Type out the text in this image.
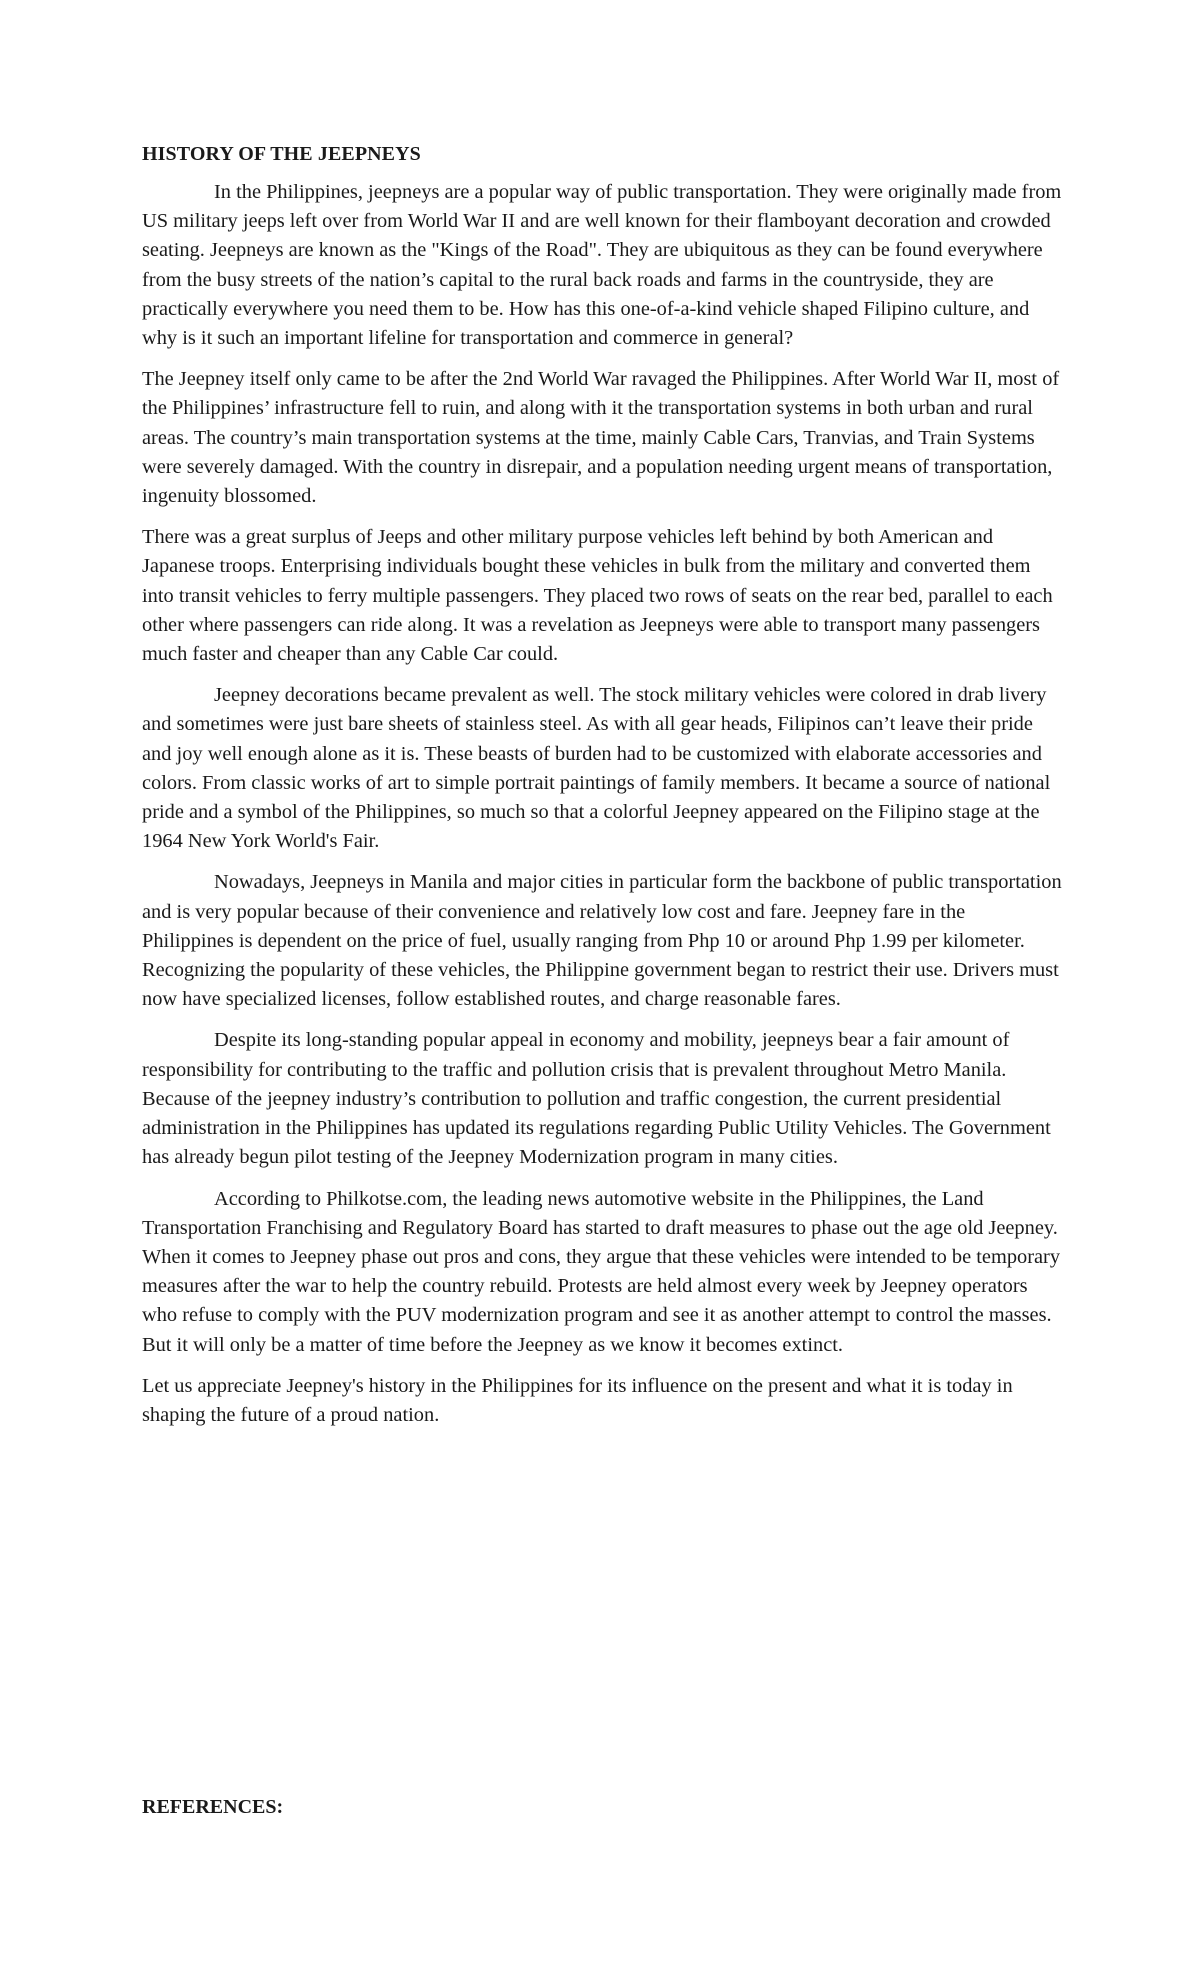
HISTORY OF THE JEEPNEYS

In the Philippines, jeepneys are a popular way of public transportation. They were originally made from US military jeeps left over from World War II and are well known for their flamboyant decoration and crowded seating. Jeepneys are known as the "Kings of the Road". They are ubiquitous as they can be found everywhere from the busy streets of the nation’s capital to the rural back roads and farms in the countryside, they are practically everywhere you need them to be. How has this one-of-a-kind vehicle shaped Filipino culture, and why is it such an important lifeline for transportation and commerce in general?

The Jeepney itself only came to be after the 2nd World War ravaged the Philippines. After World War II, most of the Philippines’ infrastructure fell to ruin, and along with it the transportation systems in both urban and rural areas. The country’s main transportation systems at the time, mainly Cable Cars, Tranvias, and Train Systems were severely damaged. With the country in disrepair, and a population needing urgent means of transportation, ingenuity blossomed.

There was a great surplus of Jeeps and other military purpose vehicles left behind by both American and Japanese troops. Enterprising individuals bought these vehicles in bulk from the military and converted them into transit vehicles to ferry multiple passengers. They placed two rows of seats on the rear bed, parallel to each other where passengers can ride along. It was a revelation as Jeepneys were able to transport many passengers much faster and cheaper than any Cable Car could.

Jeepney decorations became prevalent as well. The stock military vehicles were colored in drab livery and sometimes were just bare sheets of stainless steel. As with all gear heads, Filipinos can’t leave their pride and joy well enough alone as it is. These beasts of burden had to be customized with elaborate accessories and colors. From classic works of art to simple portrait paintings of family members. It became a source of national pride and a symbol of the Philippines, so much so that a colorful Jeepney appeared on the Filipino stage at the 1964 New York World's Fair.

Nowadays, Jeepneys in Manila and major cities in particular form the backbone of public transportation and is very popular because of their convenience and relatively low cost and fare. Jeepney fare in the Philippines is dependent on the price of fuel, usually ranging from Php 10 or around Php 1.99 per kilometer. Recognizing the popularity of these vehicles, the Philippine government began to restrict their use. Drivers must now have specialized licenses, follow established routes, and charge reasonable fares.

Despite its long-standing popular appeal in economy and mobility, jeepneys bear a fair amount of responsibility for contributing to the traffic and pollution crisis that is prevalent throughout Metro Manila. Because of the jeepney industry’s contribution to pollution and traffic congestion, the current presidential administration in the Philippines has updated its regulations regarding Public Utility Vehicles. The Government has already begun pilot testing of the Jeepney Modernization program in many cities.

According to Philkotse.com, the leading news automotive website in the Philippines, the Land Transportation Franchising and Regulatory Board has started to draft measures to phase out the age old Jeepney. When it comes to Jeepney phase out pros and cons, they argue that these vehicles were intended to be temporary measures after the war to help the country rebuild. Protests are held almost every week by Jeepney operators who refuse to comply with the PUV modernization program and see it as another attempt to control the masses. But it will only be a matter of time before the Jeepney as we know it becomes extinct.

Let us appreciate Jeepney's history in the Philippines for its influence on the present and what it is today in shaping the future of a proud nation.

REFERENCES:
